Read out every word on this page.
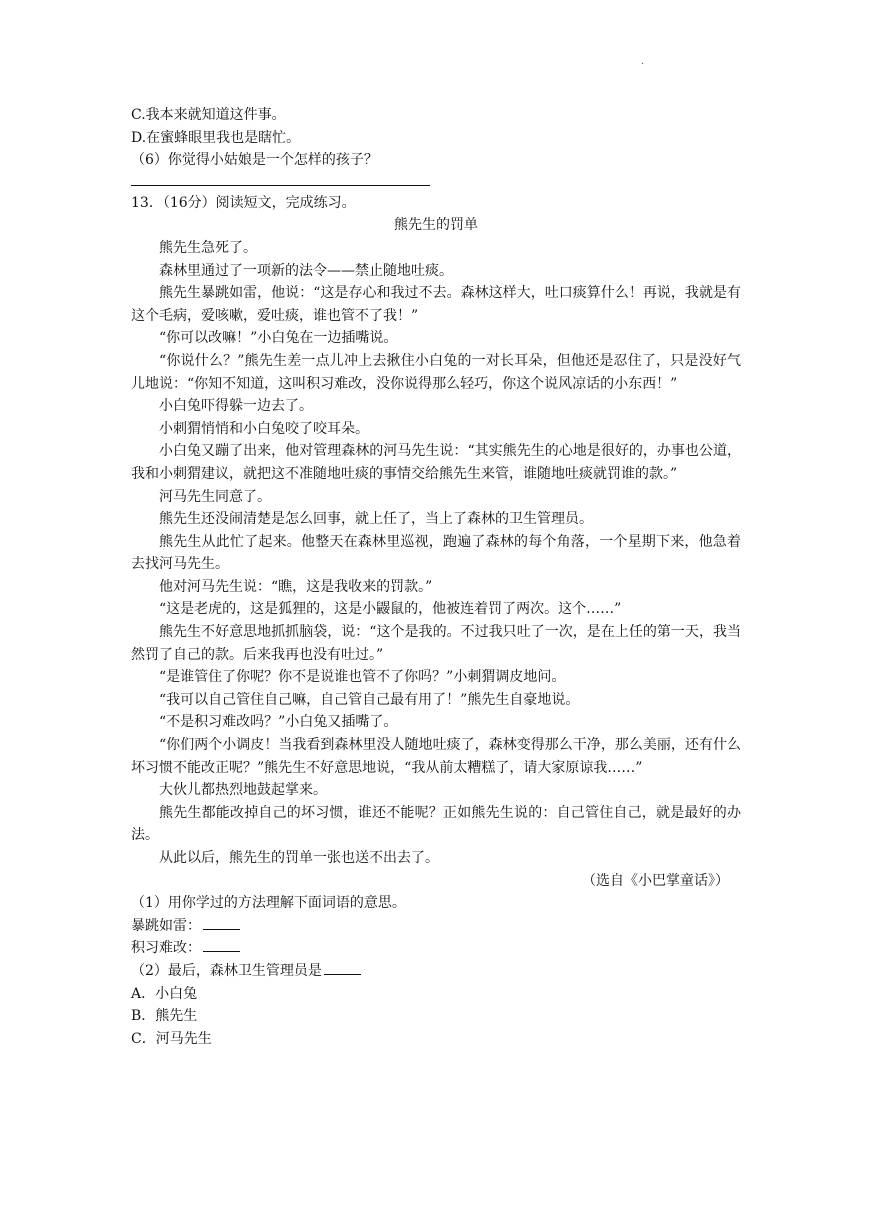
.
C.我本来就知道这件事。
D.在蜜蜂眼里我也是瞎忙。
（6）你觉得小姑娘是一个怎样的孩子？
13．（16分）阅读短文，完成练习。
熊先生的罚单
熊先生急死了。
森林里通过了一项新的法令——禁止随地吐痰。
熊先生暴跳如雷，他说：“这是存心和我过不去。森林这样大，吐口痰算什么！再说，我就是有这个毛病，爱咳嗽，爱吐痰，谁也管不了我！”
“你可以改嘛！”小白兔在一边插嘴说。
“你说什么？”熊先生差一点儿冲上去揪住小白兔的一对长耳朵，但他还是忍住了，只是没好气儿地说：“你知不知道，这叫积习难改，没你说得那么轻巧，你这个说风凉话的小东西！”
小白兔吓得躲一边去了。
小刺猬悄悄和小白兔咬了咬耳朵。
小白兔又蹦了出来，他对管理森林的河马先生说：“其实熊先生的心地是很好的，办事也公道，我和小刺猬建议，就把这不准随地吐痰的事情交给熊先生来管，谁随地吐痰就罚谁的款。”
河马先生同意了。
熊先生还没闹清楚是怎么回事，就上任了，当上了森林的卫生管理员。
熊先生从此忙了起来。他整天在森林里巡视，跑遍了森林的每个角落，一个星期下来，他急着去找河马先生。
他对河马先生说：“瞧，这是我收来的罚款。”
“这是老虎的，这是狐狸的，这是小鼹鼠的，他被连着罚了两次。这个……”
熊先生不好意思地抓抓脑袋，说：“这个是我的。不过我只吐了一次，是在上任的第一天，我当然罚了自己的款。后来我再也没有吐过。”
“是谁管住了你呢？你不是说谁也管不了你吗？”小刺猬调皮地问。
“我可以自己管住自己嘛，自己管自己最有用了！”熊先生自豪地说。
“不是积习难改吗？”小白兔又插嘴了。
“你们两个小调皮！当我看到森林里没人随地吐痰了，森林变得那么干净，那么美丽，还有什么坏习惯不能改正呢？”熊先生不好意思地说，“我从前太糟糕了，请大家原谅我……”
大伙儿都热烈地鼓起掌来。
熊先生都能改掉自己的坏习惯，谁还不能呢？正如熊先生说的：自己管住自己，就是最好的办法。
从此以后，熊先生的罚单一张也送不出去了。
（选自《小巴掌童话》）
（1）用你学过的方法理解下面词语的意思。
暴跳如雷：
积习难改：
（2）最后，森林卫生管理员是
A．小白兔
B．熊先生
C．河马先生
